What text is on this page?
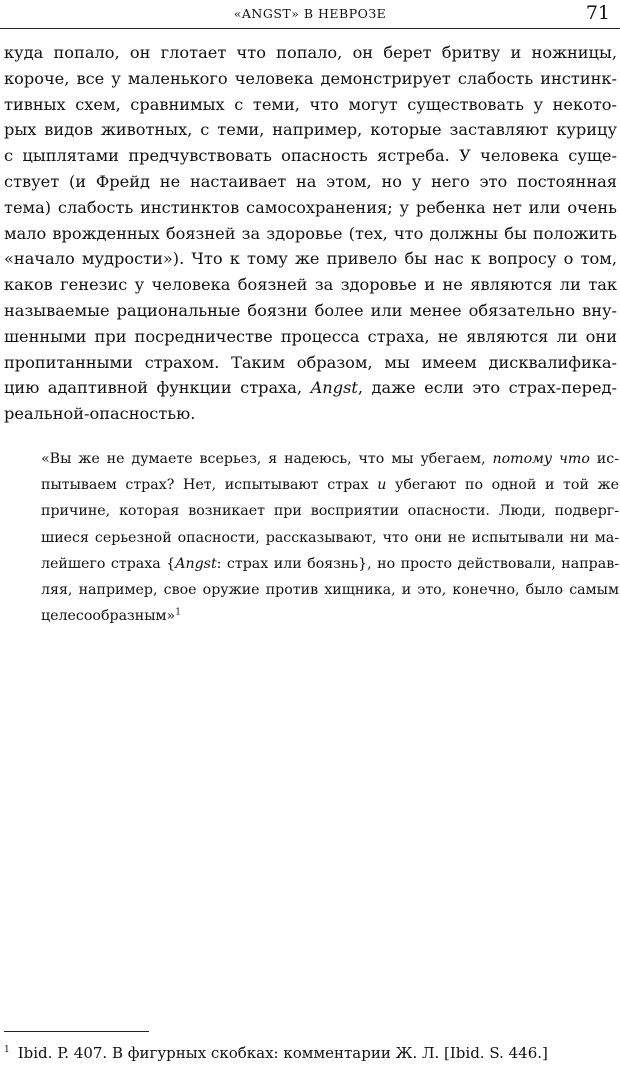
«ANGST» В НЕВРОЗЕ	71
куда попало, он глотает что попало, он берет бритву и ножницы,
короче, все у маленького человека демонстрирует слабость инстинк-
тивных схем, сравнимых с теми, что могут существовать у некото-
рых видов животных, с теми, например, которые заставляют курицу
с цыплятами предчувствовать опасность ястреба. У человека суще-
ствует (и Фрейд не настаивает на этом, но у него это постоянная
тема) слабость инстинктов самосохранения; у ребенка нет или очень
мало врожденных боязней за здоровье (тех, что должны бы положить
«начало мудрости»). Что к тому же привело бы нас к вопросу о том,
каков генезис у человека боязней за здоровье и не являются ли так
называемые рациональные боязни более или менее обязательно вну-
шенными при посредничестве процесса страха, не являются ли они
пропитанными страхом. Таким образом, мы имеем дисквалифика-
цию адаптивной функции страха, Angst, даже если это страх-перед-
реальной-опасностью.
«Вы же не думаете всерьез, я надеюсь, что мы убегаем, потому что ис-
пытываем страх? Нет, испытывают страх и убегают по одной и той же
причине, которая возникает при восприятии опасности. Люди, подверг-
шиеся серьезной опасности, рассказывают, что они не испытывали ни ма-
лейшего страха {Angst: страх или боязнь}, но просто действовали, направ-
ляя, например, свое оружие против хищника, и это, конечно, было самым
целесообразным»$^1$
$^1$ Ibid. P. 407. В фигурных скобках: комментарии Ж. Л. [Ibid. S. 446.]
